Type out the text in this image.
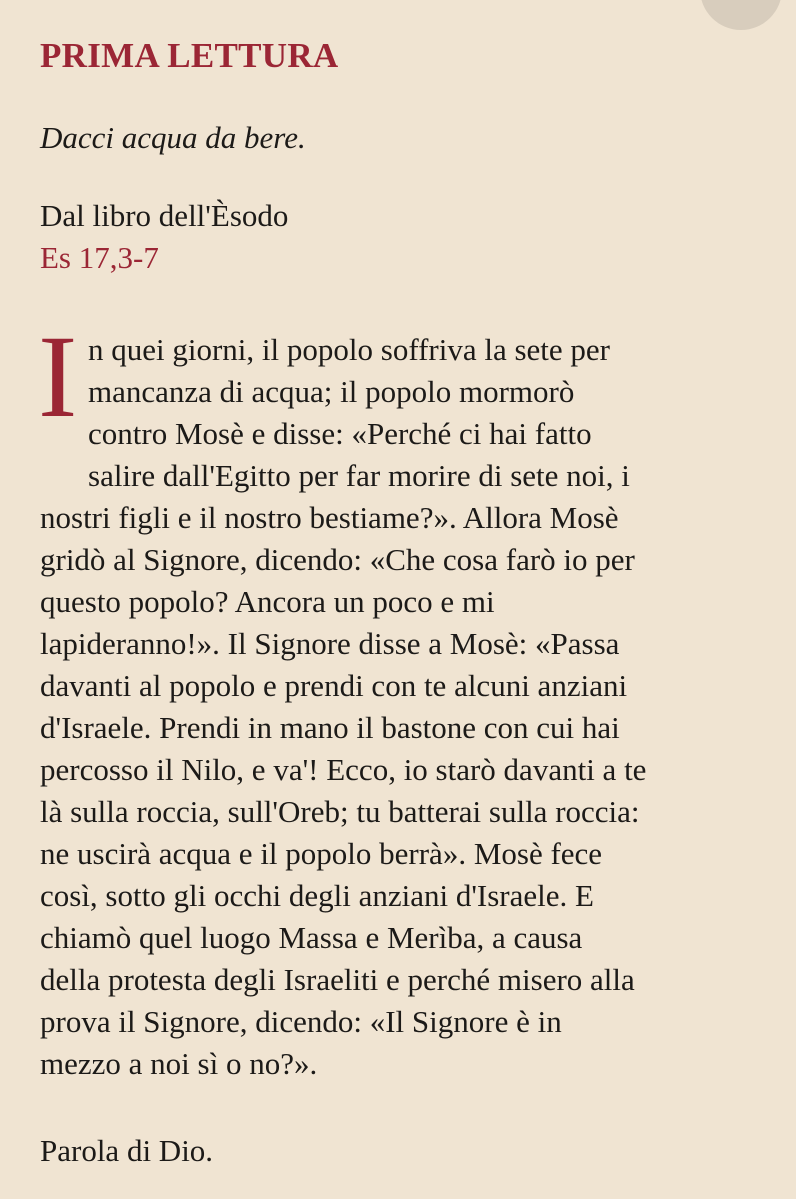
PRIMA LETTURA
Dacci acqua da bere.
Dal libro dell'Èsodo
Es 17,3-7
I n quei giorni, il popolo soffriva la sete per
mancanza di acqua; il popolo mormorò
contro Mosè e disse: «Perché ci hai fatto
salire dall'Egitto per far morire di sete noi, i
nostri figli e il nostro bestiame?». Allora Mosè
gridò al Signore, dicendo: «Che cosa farò io per
questo popolo? Ancora un poco e mi
lapideranno!». Il Signore disse a Mosè: «Passa
davanti al popolo e prendi con te alcuni anziani
d'Israele. Prendi in mano il bastone con cui hai
percosso il Nilo, e va'! Ecco, io starò davanti a te
là sulla roccia, sull'Oreb; tu batterai sulla roccia:
ne uscirà acqua e il popolo berrà». Mosè fece
così, sotto gli occhi degli anziani d'Israele. E
chiamò quel luogo Massa e Merìba, a causa
della protesta degli Israeliti e perché misero alla
prova il Signore, dicendo: «Il Signore è in
mezzo a noi sì o no?».
Parola di Dio.
